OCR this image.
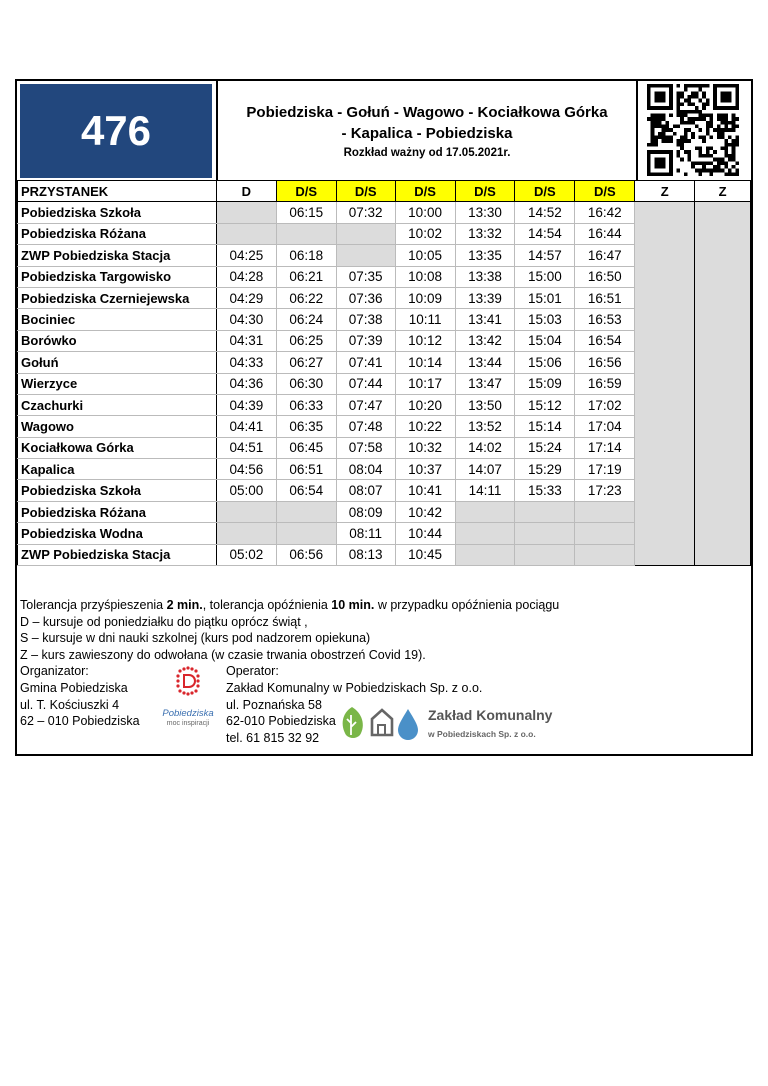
476	Pobiedziska - Gołuń - Wagowo - Kociałkowa Górka
- Kapalica - Pobiedziska
Rozkład ważny od 17.05.2021r.
PRZYSTANEK	D	D/S	D/S	D/S	D/S	D/S	D/S	Z	Z
Pobiedziska Szkoła		06:15	07:32	10:00	13:30	14:52	16:42		
Pobiedziska Różana				10:02	13:32	14:54	16:44		
ZWP Pobiedziska Stacja	04:25	06:18		10:05	13:35	14:57	16:47		
Pobiedziska Targowisko	04:28	06:21	07:35	10:08	13:38	15:00	16:50		
Pobiedziska Czerniejewska	04:29	06:22	07:36	10:09	13:39	15:01	16:51		
Bociniec	04:30	06:24	07:38	10:11	13:41	15:03	16:53		
Borówko	04:31	06:25	07:39	10:12	13:42	15:04	16:54		
Gołuń	04:33	06:27	07:41	10:14	13:44	15:06	16:56		
Wierzyce	04:36	06:30	07:44	10:17	13:47	15:09	16:59		
Czachurki	04:39	06:33	07:47	10:20	13:50	15:12	17:02		
Wagowo	04:41	06:35	07:48	10:22	13:52	15:14	17:04		
Kociałkowa Górka	04:51	06:45	07:58	10:32	14:02	15:24	17:14		
Kapalica	04:56	06:51	08:04	10:37	14:07	15:29	17:19		
Pobiedziska Szkoła	05:00	06:54	08:07	10:41	14:11	15:33	17:23		
Pobiedziska Różana			08:09	10:42					
Pobiedziska Wodna			08:11	10:44					
ZWP Pobiedziska Stacja	05:02	06:56	08:13	10:45					
Tolerancja przyśpieszenia 2 min., tolerancja opóźnienia 10 min. w przypadku opóźnienia pociągu
D – kursuje od poniedziałku do piątku oprócz świąt ,
S – kursuje w dni nauki szkolnej (kurs pod nadzorem opiekuna)
Z – kurs zawieszony do odwołana (w czasie trwania obostrzeń Covid 19).
Organizator:
Gmina Pobiedziska
ul. T. Kościuszki 4
62 – 010 Pobiedziska
Pobiedziska
moc inspiracji
Operator:
Zakład Komunalny w Pobiedziskach Sp. z o.o.
ul. Poznańska 58
62-010 Pobiedziska
tel. 61 815 32 92
Zakład Komunalny
w Pobiedziskach Sp. z o.o.
